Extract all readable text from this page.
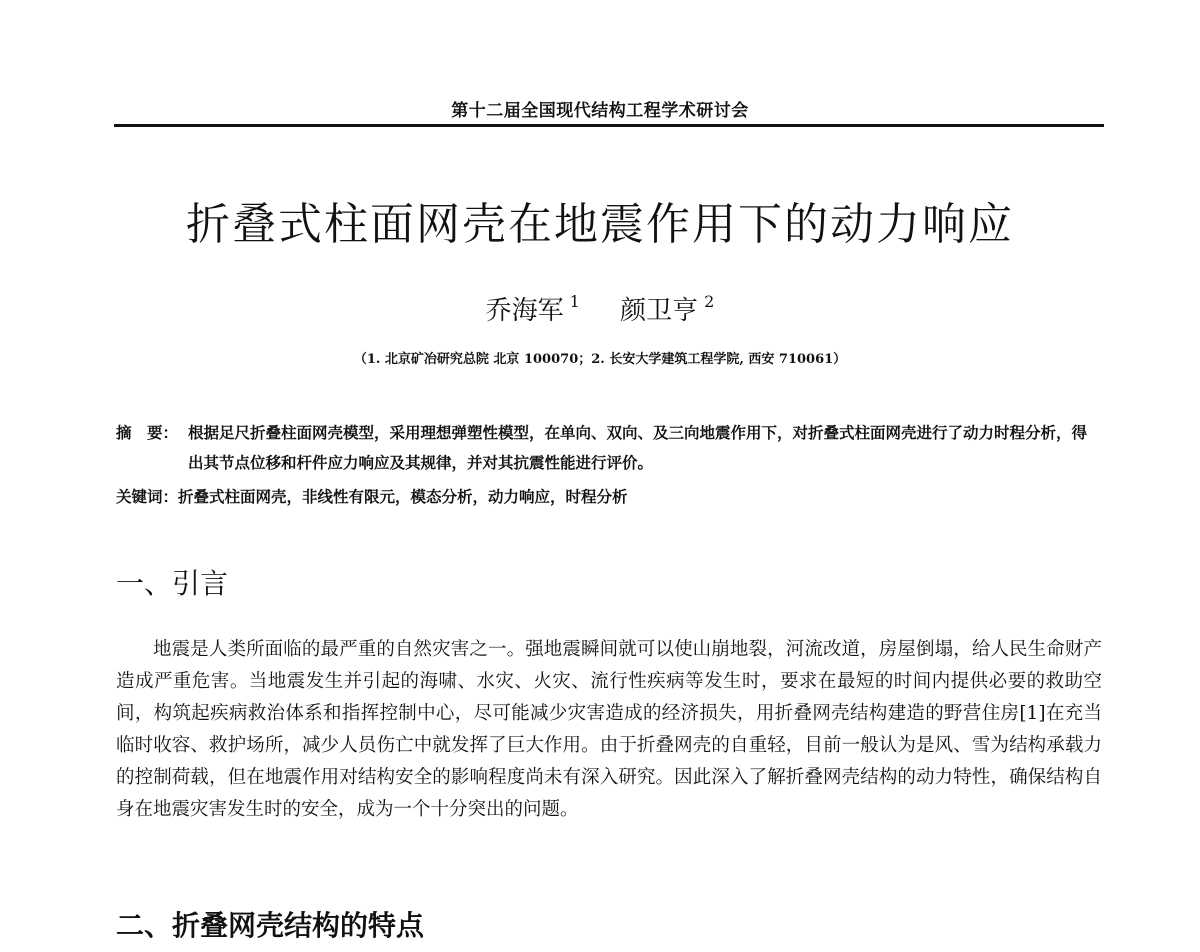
第十二届全国现代结构工程学术研讨会
折叠式柱面网壳在地震作用下的动力响应
乔海军 $^1$ 颜卫亨 $^2$
（1. 北京矿冶研究总院 北京 100070；2. 长安大学建筑工程学院, 西安 710061）
摘　要： 根据足尺折叠柱面网壳模型，采用理想弹塑性模型，在单向、双向、及三向地震作用下，对折叠式柱面网壳进行了动力时程分析，得出其节点位移和杆件应力响应及其规律，并对其抗震性能进行评价。
关键词：折叠式柱面网壳，非线性有限元，模态分析，动力响应，时程分析
一、引言

地震是人类所面临的最严重的自然灾害之一。强地震瞬间就可以使山崩地裂，河流改道，房屋倒塌，给人民生命财产造成严重危害。当地震发生并引起的海啸、水灾、火灾、流行性疾病等发生时，要求在最短的时间内提供必要的救助空间，构筑起疾病救治体系和指挥控制中心，尽可能减少灾害造成的经济损失，用折叠网壳结构建造的野营住房[1]在充当临时收容、救护场所，减少人员伤亡中就发挥了巨大作用。由于折叠网壳的自重轻，目前一般认为是风、雪为结构承载力的控制荷载，但在地震作用对结构安全的影响程度尚未有深入研究。因此深入了解折叠网壳结构的动力特性，确保结构自身在地震灾害发生时的安全，成为一个十分突出的问题。

二、折叠网壳结构的特点
